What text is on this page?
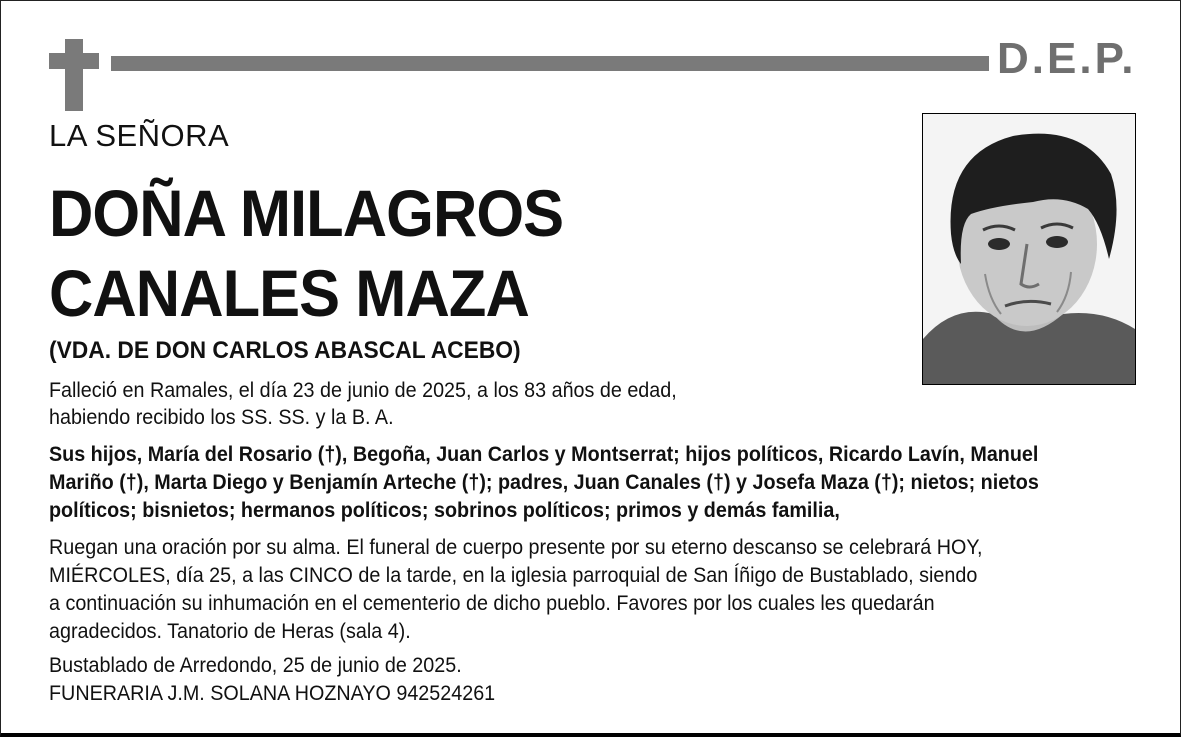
D.E.P.
LA SEÑORA
DOÑA MILAGROS
CANALES MAZA
(VDA. DE DON CARLOS ABASCAL ACEBO)
Falleció en Ramales, el día 23 de junio de 2025, a los 83 años de edad,
habiendo recibido los SS. SS. y la B. A.
Sus hijos, María del Rosario (†), Begoña, Juan Carlos y Montserrat; hijos políticos, Ricardo Lavín, Manuel
Mariño (†), Marta Diego y Benjamín Arteche (†); padres, Juan Canales (†) y Josefa Maza (†); nietos; nietos
políticos; bisnietos; hermanos políticos; sobrinos políticos; primos y demás familia,
Ruegan una oración por su alma. El funeral de cuerpo presente por su eterno descanso se celebrará HOY,
MIÉRCOLES, día 25, a las CINCO de la tarde, en la iglesia parroquial de San Íñigo de Bustablado, siendo
a continuación su inhumación en el cementerio de dicho pueblo. Favores por los cuales les quedarán
agradecidos. Tanatorio de Heras (sala 4).
Bustablado de Arredondo, 25 de junio de 2025.
FUNERARIA J.M. SOLANA HOZNAYO 942524261
